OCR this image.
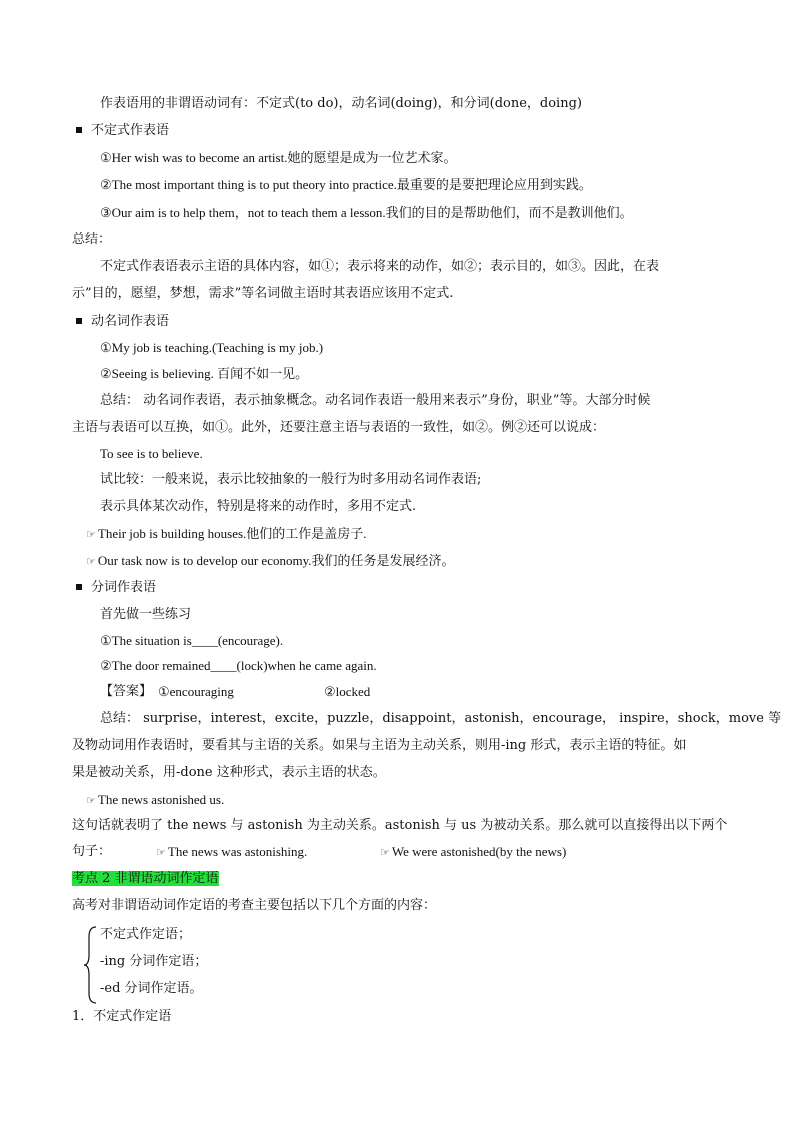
作表语用的非谓语动词有：不定式(to do)，动名词(doing)，和分词(done，doing)
不定式作表语
①Her wish was to become an artist.她的愿望是成为一位艺术家。
②The most important thing is to put theory into practice.最重要的是要把理论应用到实践。
③Our aim is to help them，not to teach them a lesson.我们的目的是帮助他们，而不是教训他们。
总结：
不定式作表语表示主语的具体内容，如①；表示将来的动作，如②；表示目的，如③。因此，在表
示”目的，愿望，梦想，需求”等名词做主语时其表语应该用不定式.
动名词作表语
①My job is teaching.(Teaching is my job.)
②Seeing is believing. 百闻不如一见。
总结： 动名词作表语，表示抽象概念。动名词作表语一般用来表示”身份，职业”等。大部分时候
主语与表语可以互换，如①。此外，还要注意主语与表语的一致性，如②。例②还可以说成：
To see is to believe.
试比较：一般来说，表示比较抽象的一般行为时多用动名词作表语;
表示具体某次动作，特别是将来的动作时，多用不定式.
☞ Their job is building houses.他们的工作是盖房子.
☞ Our task now is to develop our economy.我们的任务是发展经济。
分词作表语
首先做一些练习
①The situation is____(encourage).
②The door remained____(lock)when he came again.
【答案】 ①encouraging	②locked
总结： surprise，interest，excite，puzzle，disappoint，astonish，encourage， inspire，shock，move 等
及物动词用作表语时，要看其与主语的关系。如果与主语为主动关系，则用-ing 形式，表示主语的特征。如
果是被动关系，用-done 这种形式，表示主语的状态。
☞ The news astonished us.
这句话就表明了 the news 与 astonish 为主动关系。astonish 与 us 为被动关系。那么就可以直接得出以下两个
句子：	☞ The news was astonishing.	☞ We were astonished(by the news)
考点 2 非谓语动词作定语
高考对非谓语动词作定语的考查主要包括以下几个方面的内容：
不定式作定语；
-ing 分词作定语；
-ed 分词作定语。
1．不定式作定语
